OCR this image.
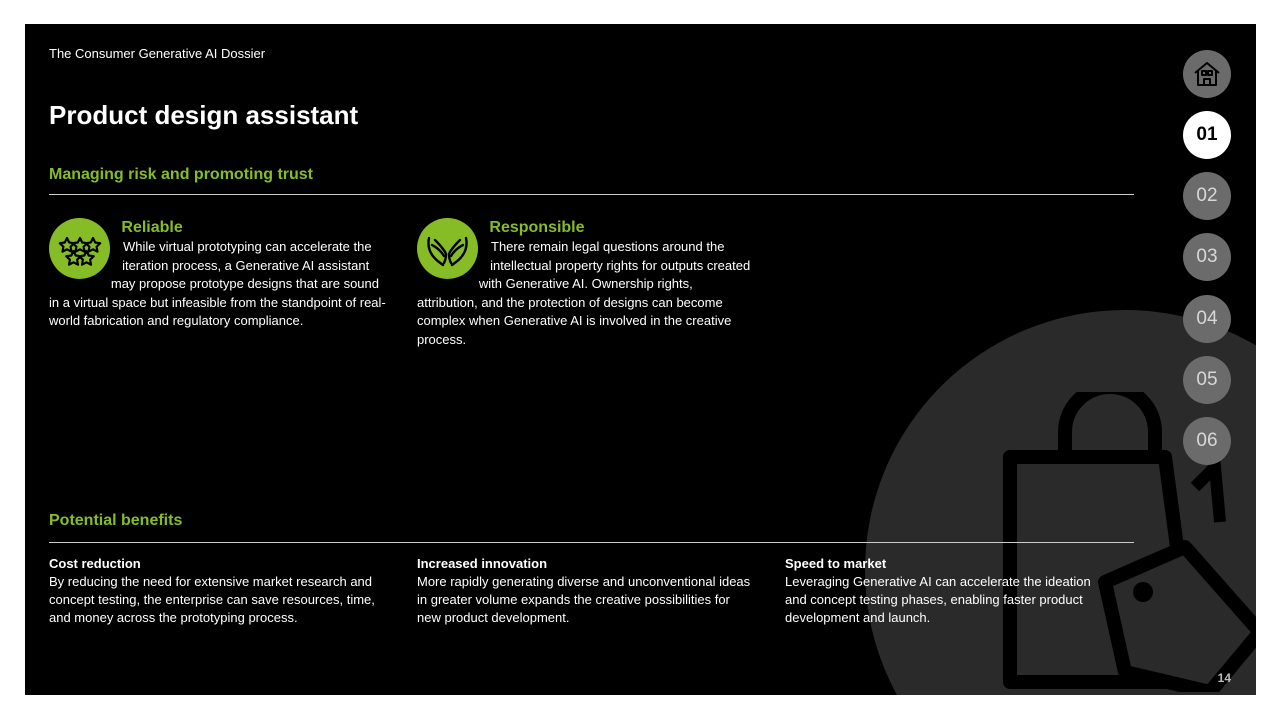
The Consumer Generative AI Dossier
Product design assistant
Managing risk and promoting trust
Reliable
While virtual prototyping can accelerate the iteration process, a Generative AI assistant may propose prototype designs that are sound in a virtual space but infeasible from the standpoint of real-world fabrication and regulatory compliance.
Responsible
There remain legal questions around the intellectual property rights for outputs created with Generative AI. Ownership rights, attribution, and the protection of designs can become complex when Generative AI is involved in the creative process.
Potential benefits
Cost reduction
By reducing the need for extensive market research and concept testing, the enterprise can save resources, time, and money across the prototyping process.
Increased innovation
More rapidly generating diverse and unconventional ideas in greater volume expands the creative possibilities for new product development.
Speed to market
Leveraging Generative AI can accelerate the ideation and concept testing phases, enabling faster product development and launch.
01
02
03
04
05
06
14
